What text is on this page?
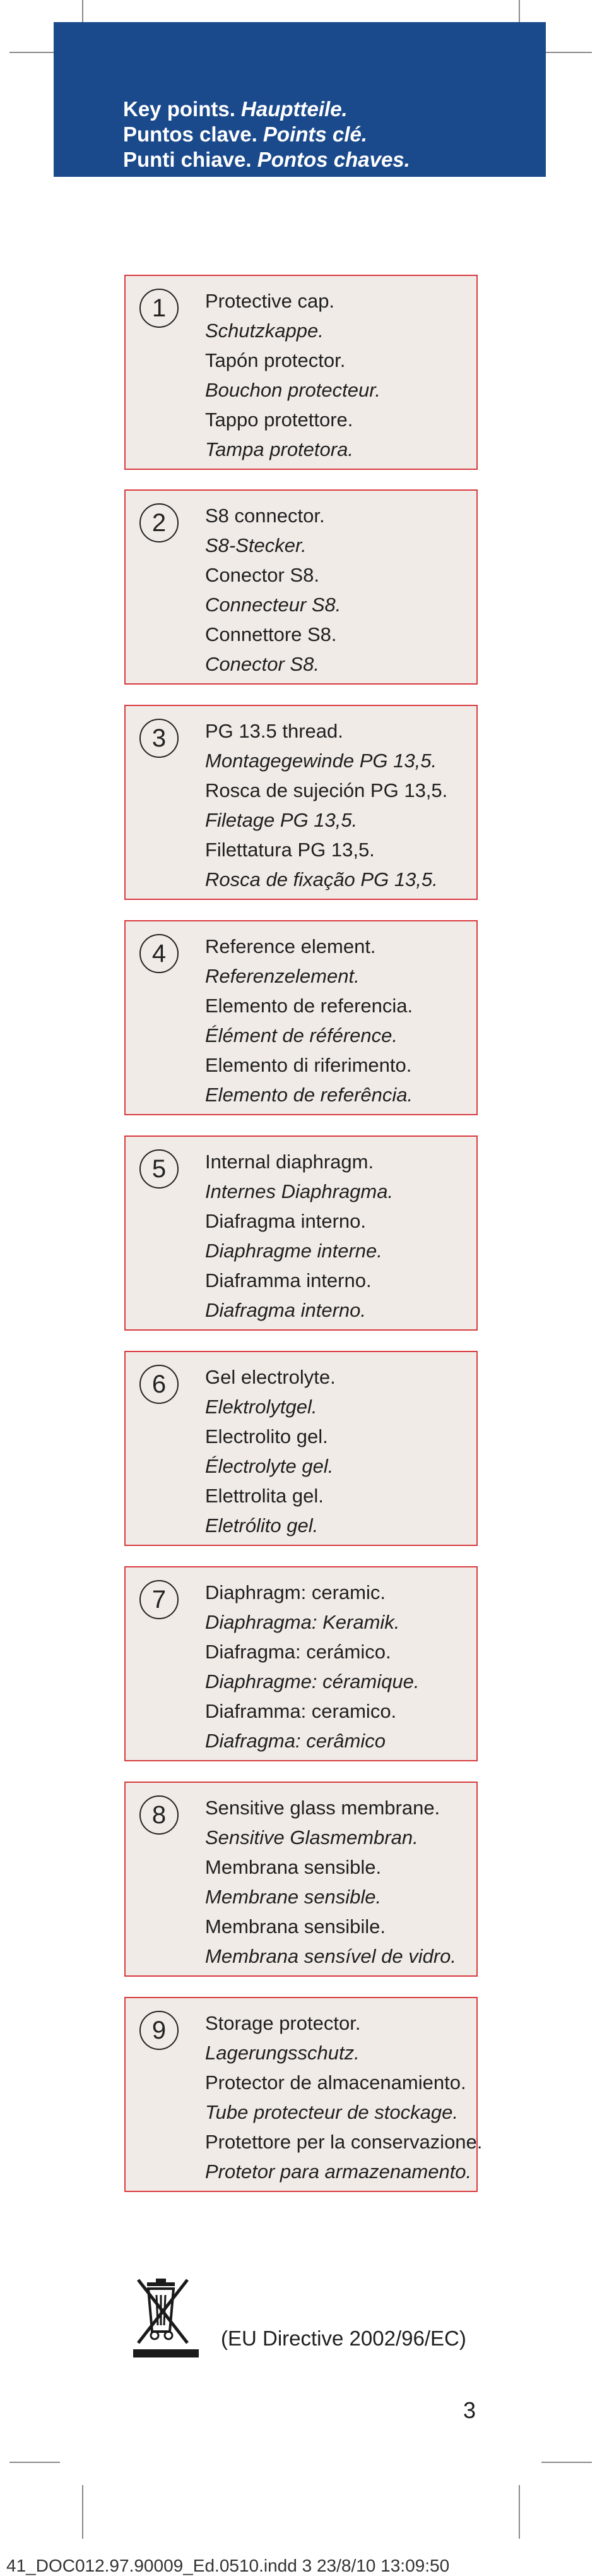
Key points. Hauptteile.
Puntos clave. Points clé.
Punti chiave. Pontos chaves.
1	Protective cap.
Schutzkappe.
Tapón protector.
Bouchon protecteur.
Tappo protettore.
Tampa protetora.
2	S8 connector.
S8-Stecker.
Conector S8.
Connecteur S8.
Connettore S8.
Conector S8.
3	PG 13.5 thread.
Montagegewinde PG 13,5.
Rosca de sujeción PG 13,5.
Filetage PG 13,5.
Filettatura PG 13,5.
Rosca de fixação PG 13,5.
4	Reference element.
Referenzelement.
Elemento de referencia.
Élément de référence.
Elemento di riferimento.
Elemento de referência.
5	Internal diaphragm.
Internes Diaphragma.
Diafragma interno.
Diaphragme interne.
Diaframma interno.
Diafragma interno.
6	Gel electrolyte.
Elektrolytgel.
Electrolito gel.
Électrolyte gel.
Elettrolita gel.
Eletrólito gel.
7	Diaphragm: ceramic.
Diaphragma: Keramik.
Diafragma: cerámico.
Diaphragme: céramique.
Diaframma: ceramico.
Diafragma: cerâmico
8	Sensitive glass membrane.
Sensitive Glasmembran.
Membrana sensible.
Membrane sensible.
Membrana sensibile.
Membrana sensível de vidro.
9	Storage protector.
Lagerungsschutz.
Protector de almacenamiento.
Tube protecteur de stockage.
Protettore per la conservazione.
Protetor para armazenamento.
(EU Directive 2002/96/EC)
3
41_DOC012.97.90009_Ed.0510.indd 3 23/8/10 13:09:50
